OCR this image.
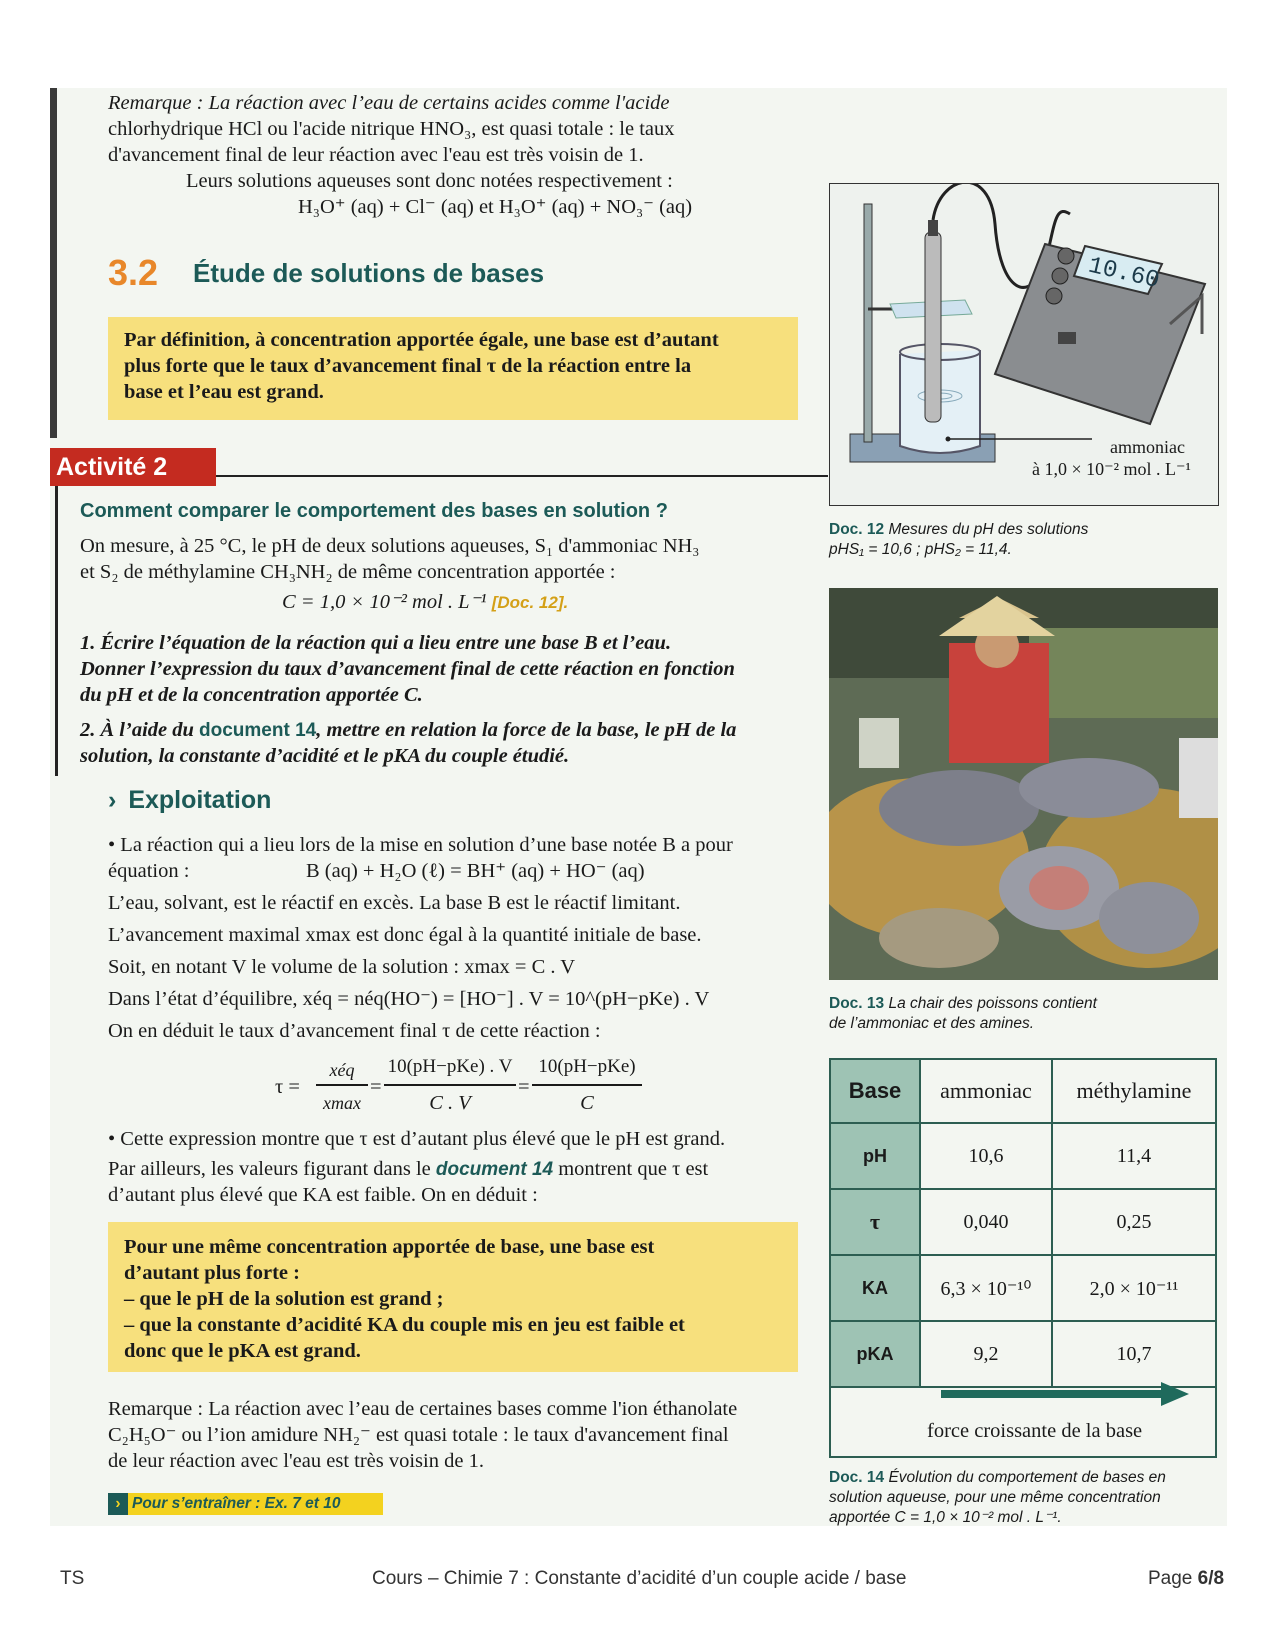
Remarque : La réaction avec l’eau de certains acides comme l'acide
chlorhydrique HCl ou l'acide nitrique HNO₃, est quasi totale : le taux
d'avancement final de leur réaction avec l'eau est très voisin de 1.
Leurs solutions aqueuses sont donc notées respectivement :
H₃O⁺ (aq) + Cl⁻ (aq) et H₃O⁺ (aq) + NO₃⁻ (aq)
3.2 Étude de solutions de bases
Par définition, à concentration apportée égale, une base est d’autant
plus forte que le taux d’avancement final τ de la réaction entre la
base et l’eau est grand.
Activité 2
Comment comparer le comportement des bases en solution ?
On mesure, à 25 °C, le pH de deux solutions aqueuses, S₁ d'ammoniac NH₃
et S₂ de méthylamine CH₃NH₂ de même concentration apportée :
C = 1,0 × 10⁻² mol . L⁻¹ [Doc. 12].
1. Écrire l’équation de la réaction qui a lieu entre une base B et l’eau.
Donner l’expression du taux d’avancement final de cette réaction en fonction
du pH et de la concentration apportée C.
2. À l’aide du document 14, mettre en relation la force de la base, le pH de la
solution, la constante d’acidité et le pKA du couple étudié.
› Exploitation
• La réaction qui a lieu lors de la mise en solution d’une base notée B a pour
équation :	B (aq) + H₂O (ℓ) = BH⁺ (aq) + HO⁻ (aq)
L’eau, solvant, est le réactif en excès. La base B est le réactif limitant.
L’avancement maximal xmax est donc égal à la quantité initiale de base.
Soit, en notant V le volume de la solution : xmax = C . V
Dans l’état d’équilibre, xéq = néq(HO⁻) = [HO⁻] . V = 10^(pH−pKe) . V
On en déduit le taux d’avancement final τ de cette réaction :
τ =
xéq
xmax
=
10(pH−pKe) . V
C . V
=
10(pH−pKe)
C
• Cette expression montre que τ est d’autant plus élevé que le pH est grand.
Par ailleurs, les valeurs figurant dans le document 14 montrent que τ est
d’autant plus élevé que KA est faible. On en déduit :
Pour une même concentration apportée de base, une base est
d’autant plus forte :
– que le pH de la solution est grand ;
– que la constante d’acidité KA du couple mis en jeu est faible et
donc que le pKA est grand.
Remarque : La réaction avec l’eau de certaines bases comme l'ion éthanolate
C₂H₅O⁻ ou l’ion amidure NH₂⁻ est quasi totale : le taux d'avancement final
de leur réaction avec l'eau est très voisin de 1.
› Pour s’entraîner : Ex. 7 et 10
10.60
ammoniac
à 1,0 × 10⁻² mol . L⁻¹
Doc. 12 Mesures du pH des solutions
pHS₁ = 10,6 ; pHS₂ = 11,4.
Doc. 13 La chair des poissons contient
de l’ammoniac et des amines.
Base	ammoniac	méthylamine
pH	10,6	11,4
τ	0,040	0,25
KA	6,3 × 10⁻¹⁰	2,0 × 10⁻¹¹
pKA	9,2	10,7
force croissante de la base
Doc. 14 Évolution du comportement de bases en
solution aqueuse, pour une même concentration
apportée C = 1,0 × 10⁻² mol . L⁻¹.
TS	Cours – Chimie 7 : Constante d’acidité d’un couple acide / base	Page 6/8
